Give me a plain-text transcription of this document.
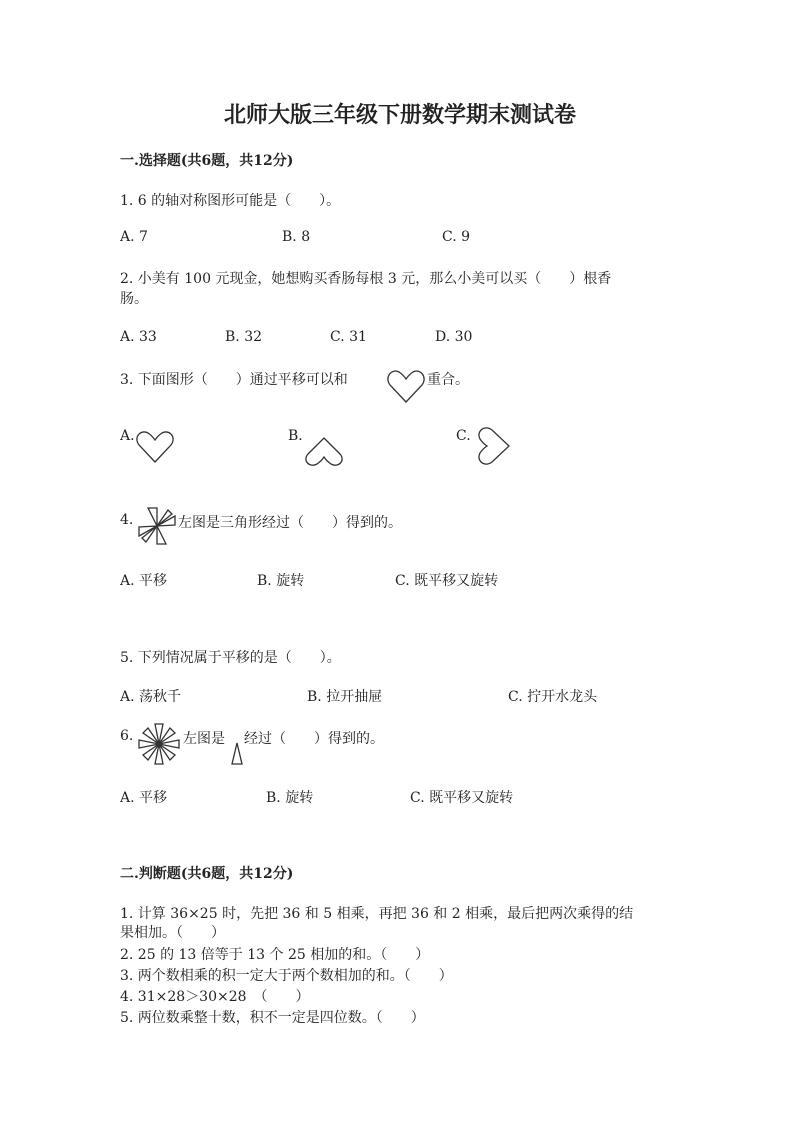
北师大版三年级下册数学期末测试卷
一.选择题(共6题，共12分)
1. 6 的轴对称图形可能是（　　）。
A. 7	B. 8	C. 9
2. 小美有 100 元现金，她想购买香肠每根 3 元，那么小美可以买（　　）根香
肠。
A. 33	B. 32	C. 31	D. 30
3. 下面图形（　　）通过平移可以和	重合。
A.	B.	C.
4.	左图是三角形经过（　　）得到的。
A. 平移	B. 旋转	C. 既平移又旋转
5. 下列情况属于平移的是（　　）。
A. 荡秋千	B. 拉开抽屉	C. 拧开水龙头
6.	左图是 经过（　　）得到的。
A. 平移	B. 旋转	C. 既平移又旋转
二.判断题(共6题，共12分)
1. 计算 36×25 时，先把 36 和 5 相乘，再把 36 和 2 相乘，最后把两次乘得的结
果相加。（　　）
2. 25 的 13 倍等于 13 个 25 相加的和。（　　）
3. 两个数相乘的积一定大于两个数相加的和。（　　）
4. 31×28＞30×28　（　　）
5. 两位数乘整十数，积不一定是四位数。（　　）
